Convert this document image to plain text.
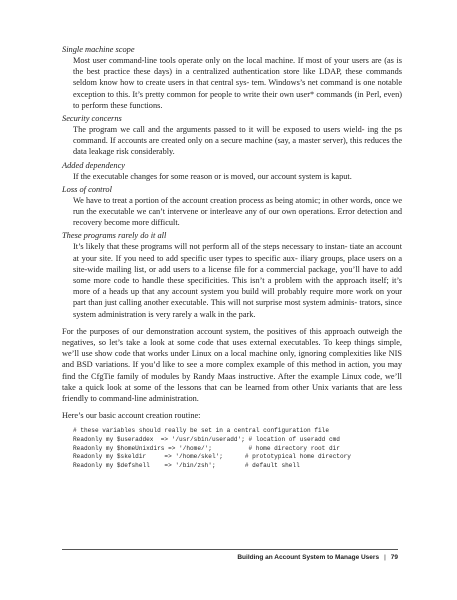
Single machine scope

Most user command-line tools operate only on the local machine. If most of your users are (as is the best practice these days) in a centralized authentication store like LDAP, these commands seldom know how to create users in that central sys- tem. Windows’s net command is one notable exception to this. It’s pretty common for people to write their own user* commands (in Perl, even) to perform these functions.

Security concerns

The program we call and the arguments passed to it will be exposed to users wield- ing the ps command. If accounts are created only on a secure machine (say, a master server), this reduces the data leakage risk considerably.

Added dependency

If the executable changes for some reason or is moved, our account system is kaput.

Loss of control

We have to treat a portion of the account creation process as being atomic; in other words, once we run the executable we can’t intervene or interleave any of our own operations. Error detection and recovery become more difficult.

These programs rarely do it all

It’s likely that these programs will not perform all of the steps necessary to instan- tiate an account at your site. If you need to add specific user types to specific aux- iliary groups, place users on a site-wide mailing list, or add users to a license file for a commercial package, you’ll have to add some more code to handle these specificities. This isn’t a problem with the approach itself; it’s more of a heads up that any account system you build will probably require more work on your part than just calling another executable. This will not surprise most system adminis- trators, since system administration is very rarely a walk in the park.

For the purposes of our demonstration account system, the positives of this approach outweigh the negatives, so let’s take a look at some code that uses external executables. To keep things simple, we’ll use show code that works under Linux on a local machine only, ignoring complexities like NIS and BSD variations. If you’d like to see a more complex example of this method in action, you may find the CfgTie family of modules by Randy Maas instructive. After the example Linux code, we’ll take a quick look at some of the lessons that can be learned from other Unix variants that are less friendly to command-line administration.

Here’s our basic account creation routine:

# these variables should really be set in a central configuration file
Readonly my $useraddex  => '/usr/sbin/useradd'; # location of useradd cmd
Readonly my $homeUnixdirs => '/home/';          # home directory root dir
Readonly my $skeldir     => '/home/skel';      # prototypical home directory
Readonly my $defshell    => '/bin/zsh';        # default shell
Building an Account System to Manage Users | 79
